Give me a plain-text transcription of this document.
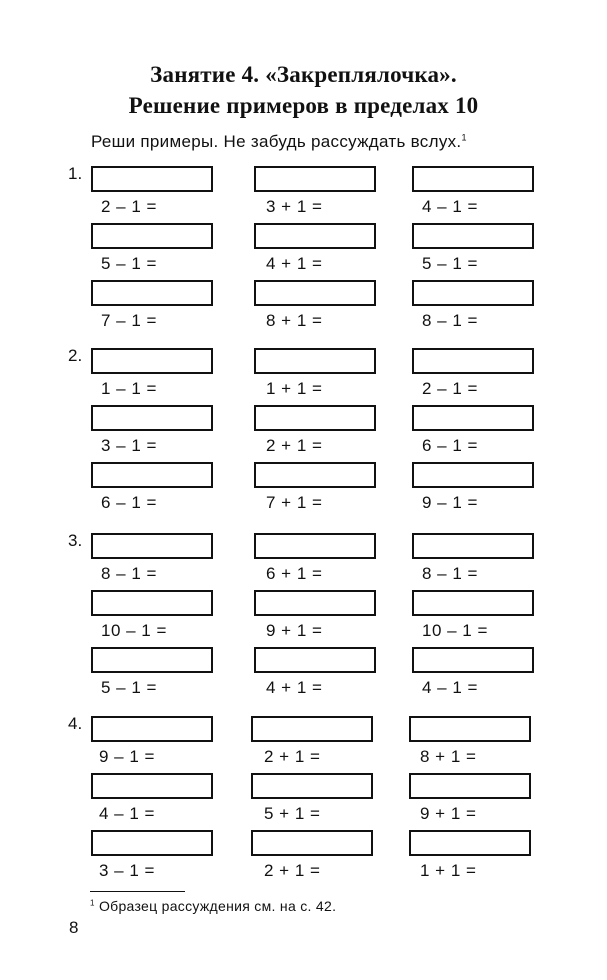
Занятие 4. «Закреплялочка».
Решение примеров в пределах 10
Реши примеры. Не забудь рассуждать вслух.$^1$
1.
2 – 1 =
5 – 1 =
7 – 1 =
3 + 1 =
4 + 1 =
8 + 1 =
4 – 1 =
5 – 1 =
8 – 1 =
2.
1 – 1 =
3 – 1 =
6 – 1 =
1 + 1 =
2 + 1 =
7 + 1 =
2 – 1 =
6 – 1 =
9 – 1 =
3.
8 – 1 =
10 – 1 =
5 – 1 =
6 + 1 =
9 + 1 =
4 + 1 =
8 – 1 =
10 – 1 =
4 – 1 =
4.
9 – 1 =
4 – 1 =
3 – 1 =
2 + 1 =
5 + 1 =
2 + 1 =
8 + 1 =
9 + 1 =
1 + 1 =
$^1$ Образец рассуждения см. на с. 42.
8
